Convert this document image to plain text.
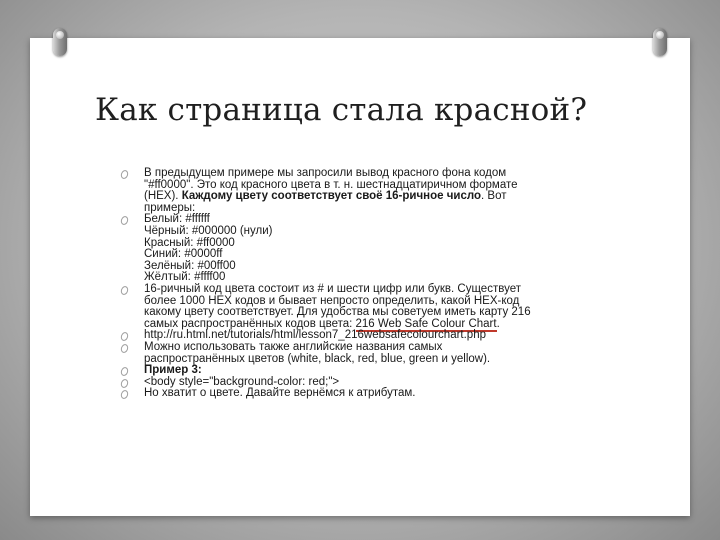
Как страница стала красной?
В предыдущем примере мы запросили вывод красного фона кодом
"#ff0000". Это код красного цвета в т. н. шестнадцатиричном формате
(HEX). Каждому цвету соответствует своё 16-ричное число. Вот
примеры:
Белый: #ffffff
Чёрный: #000000 (нули)
Красный: #ff0000
Синий: #0000ff
Зелёный: #00ff00
Жёлтый: #ffff00
16-ричный код цвета состоит из # и шести цифр или букв. Существует
более 1000 HEX кодов и бывает непросто определить, какой HEX-код
какому цвету соответствует. Для удобства мы советуем иметь карту 216
самых распространённых кодов цвета: 216 Web Safe Colour Chart.
http://ru.html.net/tutorials/html/lesson7_216websafecolourchart.php
Можно использовать также английские названия самых
распространённых цветов (white, black, red, blue, green и yellow).
Пример 3:
<body style="background-color: red;">
Но хватит о цвете. Давайте вернёмся к атрибутам.
